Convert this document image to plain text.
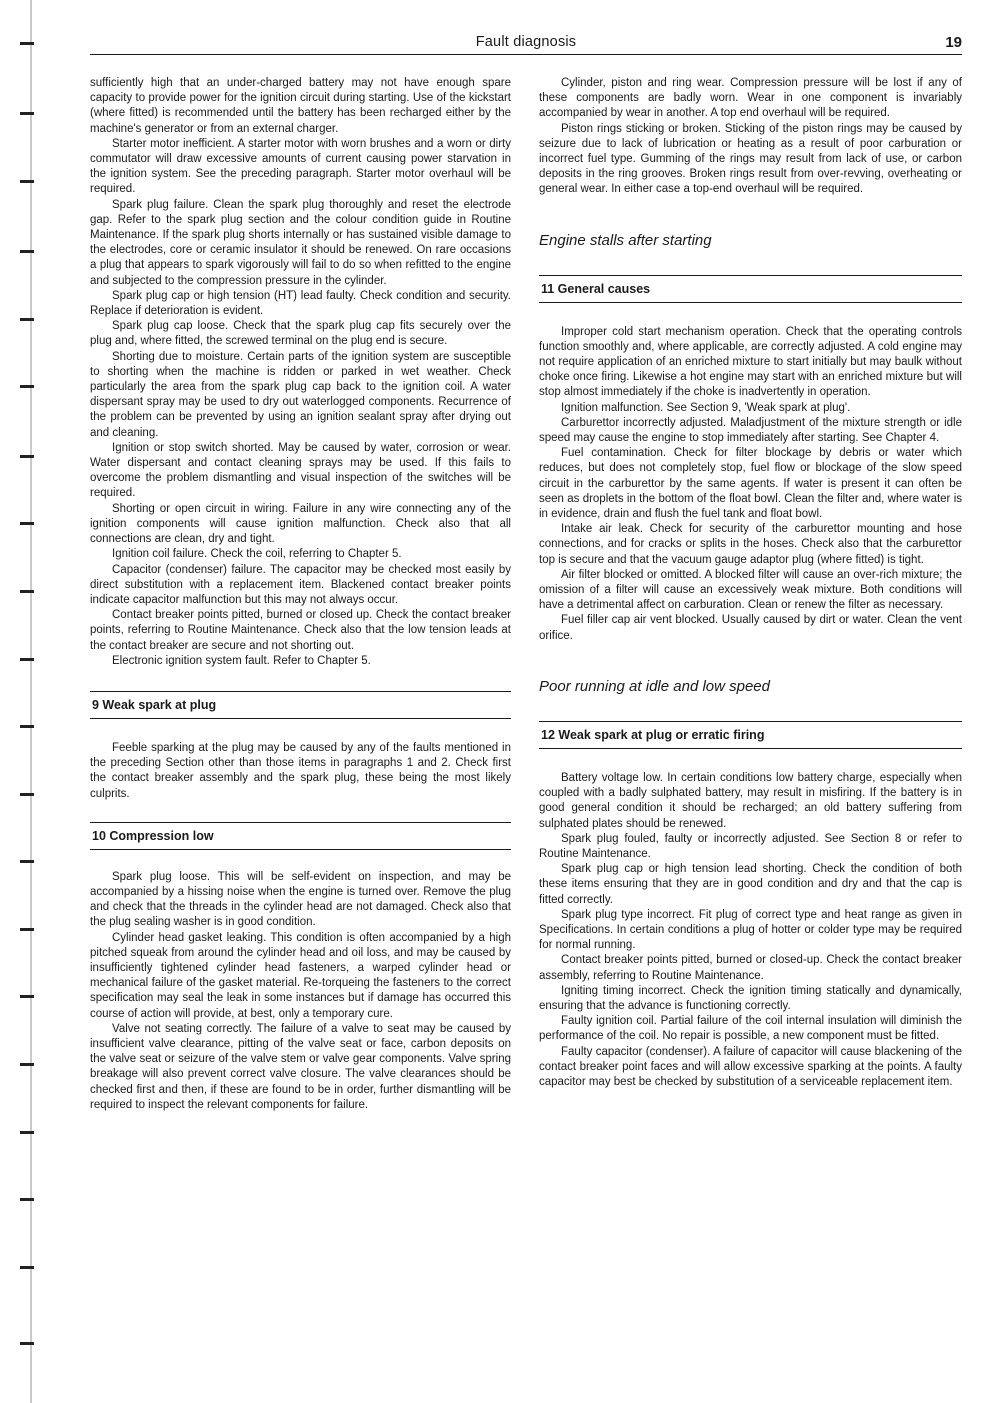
Fault diagnosis	19

sufficiently high that an under-charged battery may not have enough spare capacity to provide power for the ignition circuit during starting. Use of the kickstart (where fitted) is recommended until the battery has been recharged either by the machine's generator or from an external charger.

Starter motor inefficient. A starter motor with worn brushes and a worn or dirty commutator will draw excessive amounts of current causing power starvation in the ignition system. See the preceding paragraph. Starter motor overhaul will be required.

Spark plug failure. Clean the spark plug thoroughly and reset the electrode gap. Refer to the spark plug section and the colour condition guide in Routine Maintenance. If the spark plug shorts internally or has sustained visible damage to the electrodes, core or ceramic insulator it should be renewed. On rare occasions a plug that appears to spark vigorously will fail to do so when refitted to the engine and subjected to the compression pressure in the cylinder.

Spark plug cap or high tension (HT) lead faulty. Check condition and security. Replace if deterioration is evident.

Spark plug cap loose. Check that the spark plug cap fits securely over the plug and, where fitted, the screwed terminal on the plug end is secure.

Shorting due to moisture. Certain parts of the ignition system are susceptible to shorting when the machine is ridden or parked in wet weather. Check particularly the area from the spark plug cap back to the ignition coil. A water dispersant spray may be used to dry out waterlogged components. Recurrence of the problem can be prevented by using an ignition sealant spray after drying out and cleaning.

Ignition or stop switch shorted. May be caused by water, corrosion or wear. Water dispersant and contact cleaning sprays may be used. If this fails to overcome the problem dismantling and visual inspection of the switches will be required.

Shorting or open circuit in wiring. Failure in any wire connecting any of the ignition components will cause ignition malfunction. Check also that all connections are clean, dry and tight.

Ignition coil failure. Check the coil, referring to Chapter 5.

Capacitor (condenser) failure. The capacitor may be checked most easily by direct substitution with a replacement item. Blackened contact breaker points indicate capacitor malfunction but this may not always occur.

Contact breaker points pitted, burned or closed up. Check the contact breaker points, referring to Routine Maintenance. Check also that the low tension leads at the contact breaker are secure and not shorting out.

Electronic ignition system fault. Refer to Chapter 5.

9 Weak spark at plug

Feeble sparking at the plug may be caused by any of the faults mentioned in the preceding Section other than those items in paragraphs 1 and 2. Check first the contact breaker assembly and the spark plug, these being the most likely culprits.

10 Compression low

Spark plug loose. This will be self-evident on inspection, and may be accompanied by a hissing noise when the engine is turned over. Remove the plug and check that the threads in the cylinder head are not damaged. Check also that the plug sealing washer is in good condition.

Cylinder head gasket leaking. This condition is often accompanied by a high pitched squeak from around the cylinder head and oil loss, and may be caused by insufficiently tightened cylinder head fasteners, a warped cylinder head or mechanical failure of the gasket material. Re-torqueing the fasteners to the correct specification may seal the leak in some instances but if damage has occurred this course of action will provide, at best, only a temporary cure.

Valve not seating correctly. The failure of a valve to seat may be caused by insufficient valve clearance, pitting of the valve seat or face, carbon deposits on the valve seat or seizure of the valve stem or valve gear components. Valve spring breakage will also prevent correct valve closure. The valve clearances should be checked first and then, if these are found to be in order, further dismantling will be required to inspect the relevant components for failure.

Cylinder, piston and ring wear. Compression pressure will be lost if any of these components are badly worn. Wear in one component is invariably accompanied by wear in another. A top end overhaul will be required.

Piston rings sticking or broken. Sticking of the piston rings may be caused by seizure due to lack of lubrication or heating as a result of poor carburation or incorrect fuel type. Gumming of the rings may result from lack of use, or carbon deposits in the ring grooves. Broken rings result from over-revving, overheating or general wear. In either case a top-end overhaul will be required.

Engine stalls after starting
11 General causes

Improper cold start mechanism operation. Check that the operating controls function smoothly and, where applicable, are correctly adjusted. A cold engine may not require application of an enriched mixture to start initially but may baulk without choke once firing. Likewise a hot engine may start with an enriched mixture but will stop almost immediately if the choke is inadvertently in operation.

Ignition malfunction. See Section 9, 'Weak spark at plug'.

Carburettor incorrectly adjusted. Maladjustment of the mixture strength or idle speed may cause the engine to stop immediately after starting. See Chapter 4.

Fuel contamination. Check for filter blockage by debris or water which reduces, but does not completely stop, fuel flow or blockage of the slow speed circuit in the carburettor by the same agents. If water is present it can often be seen as droplets in the bottom of the float bowl. Clean the filter and, where water is in evidence, drain and flush the fuel tank and float bowl.

Intake air leak. Check for security of the carburettor mounting and hose connections, and for cracks or splits in the hoses. Check also that the carburettor top is secure and that the vacuum gauge adaptor plug (where fitted) is tight.

Air filter blocked or omitted. A blocked filter will cause an over-rich mixture; the omission of a filter will cause an excessively weak mixture. Both conditions will have a detrimental affect on carburation. Clean or renew the filter as necessary.

Fuel filler cap air vent blocked. Usually caused by dirt or water. Clean the vent orifice.

Poor running at idle and low speed
12 Weak spark at plug or erratic firing

Battery voltage low. In certain conditions low battery charge, especially when coupled with a badly sulphated battery, may result in misfiring. If the battery is in good general condition it should be recharged; an old battery suffering from sulphated plates should be renewed.

Spark plug fouled, faulty or incorrectly adjusted. See Section 8 or refer to Routine Maintenance.

Spark plug cap or high tension lead shorting. Check the condition of both these items ensuring that they are in good condition and dry and that the cap is fitted correctly.

Spark plug type incorrect. Fit plug of correct type and heat range as given in Specifications. In certain conditions a plug of hotter or colder type may be required for normal running.

Contact breaker points pitted, burned or closed-up. Check the contact breaker assembly, referring to Routine Maintenance.

Igniting timing incorrect. Check the ignition timing statically and dynamically, ensuring that the advance is functioning correctly.

Faulty ignition coil. Partial failure of the coil internal insulation will diminish the performance of the coil. No repair is possible, a new component must be fitted.

Faulty capacitor (condenser). A failure of capacitor will cause blackening of the contact breaker point faces and will allow excessive sparking at the points. A faulty capacitor may best be checked by substitution of a serviceable replacement item.
